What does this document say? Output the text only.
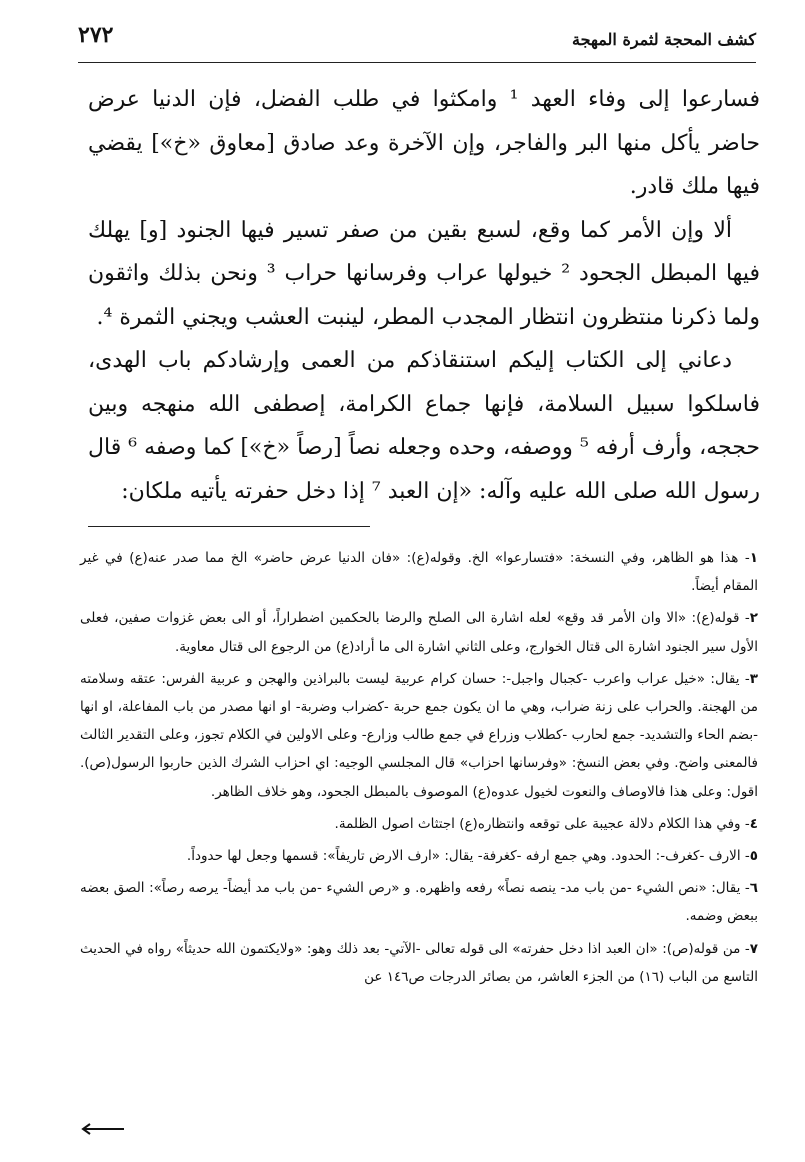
كشف المحجة لثمرة المهجة
٢٧٢

فسارعوا إلى وفاء العهد ¹ وامكثوا في طلب الفضل، فإن الدنيا عرض حاضر يأكل منها البر والفاجر، وإن الآخرة وعد صادق [معاوق «خ»] يقضي فيها ملك قادر.

ألا وإن الأمر كما وقع، لسبع بقين من صفر تسير فيها الجنود [و] يهلك فيها المبطل الجحود ² خيولها عراب وفرسانها حراب ³ ونحن بذلك واثقون ولما ذكرنا منتظرون انتظار المجدب المطر، لينبت العشب ويجني الثمرة ⁴.

دعاني إلى الكتاب إليكم استنقاذكم من العمى وإرشادكم باب الهدى، فاسلكوا سبيل السلامة، فإنها جماع الكرامة، إصطفى الله منهجه وبين حججه، وأرف أرفه ⁵ ووصفه، وحده وجعله نصاً [رصاً «خ»] كما وصفه ⁶ قال رسول الله صلى الله عليه وآله: «إن العبد ⁷ إذا دخل حفرته يأتيه ملكان:

١- هذا هو الظاهر، وفي النسخة: «فتسارعوا» الخ. وقوله(ع): «فان الدنيا عرض حاضر» الخ مما صدر عنه(ع) في غير المقام أيضاً.

٢- قوله(ع): «الا وان الأمر قد وقع» لعله اشارة الى الصلح والرضا بالحكمين اضطراراً، أو الى بعض غزوات صفين، فعلى الأول سير الجنود اشارة الى قتال الخوارج، وعلى الثاني اشارة الى ما أراد(ع) من الرجوع الى قتال معاوية.

٣- يقال: «خيل عراب واعرب -كجبال واجبل-: حسان كرام عربية ليست بالبراذين والهجن و عربية الفرس: عتقه وسلامته من الهجنة. والحراب على زنة ضراب، وهي ما ان يكون جمع حربة -كضراب وضربة- او انها مصدر من باب المفاعلة، او انها -بضم الحاء والتشديد- جمع لحارب -كطلاب وزراع في جمع طالب وزارع- وعلى الاولين في الكلام تجوز، وعلى التقدير الثالث فالمعنى واضح. وفي بعض النسخ: «وفرسانها احزاب» قال المجلسي الوجيه: اي احزاب الشرك الذين حاربوا الرسول(ص). اقول: وعلى هذا فالاوصاف والنعوت لخيول عدوه(ع) الموصوف بالمبطل الجحود، وهو خلاف الظاهر.

٤- وفي هذا الكلام دلالة عجيبة على توقعه وانتظاره(ع) اجتثاث اصول الظلمة.

٥- الارف -كغرف-: الحدود. وهي جمع ارفه -كغرفة- يقال: «ارف الارض تاريفاً»: قسمها وجعل لها حدوداً.

٦- يقال: «نص الشيء -من باب مد- ينصه نصاً» رفعه واظهره. و «رص الشيء -من باب مد أيضاً- يرصه رصاً»: الصق بعضه ببعض وضمه.

٧- من قوله(ص): «ان العبد اذا دخل حفرته» الى قوله تعالى -الآتي- بعد ذلك وهو: «ولايكتمون الله حديثاً» رواه في الحديث التاسع من الباب (١٦) من الجزء العاشر، من بصائر الدرجات ص١٤٦ عن
